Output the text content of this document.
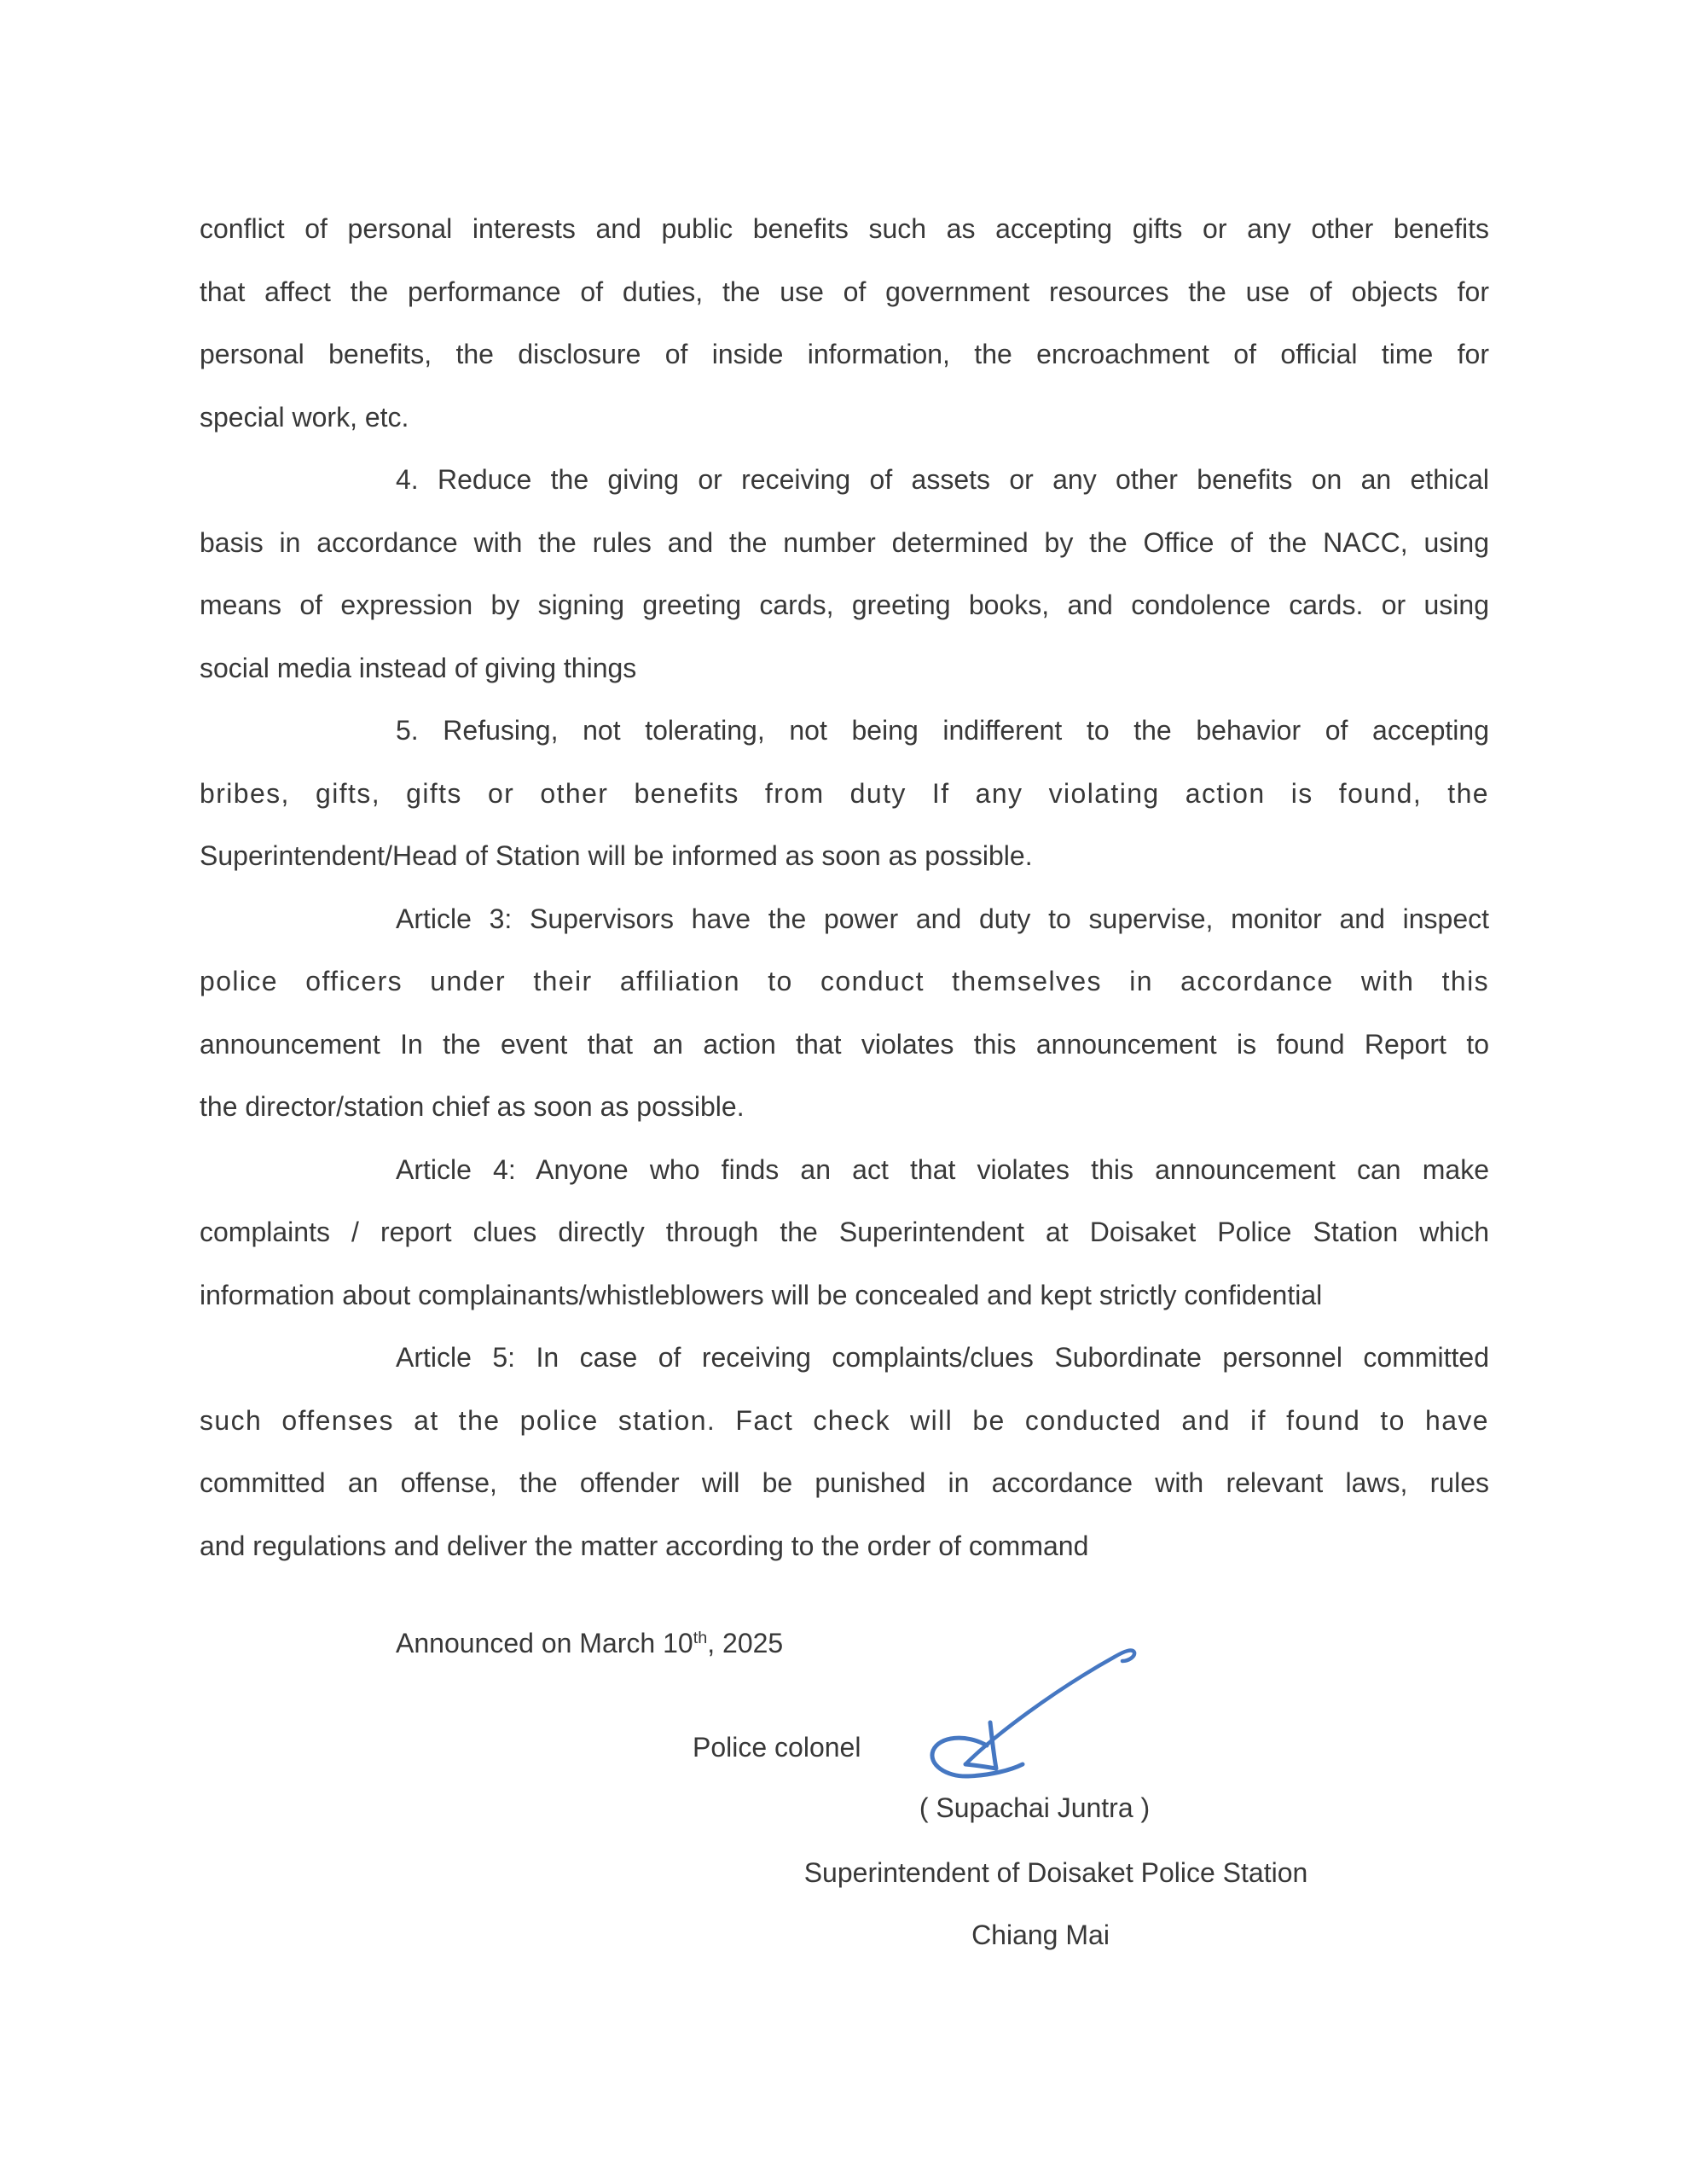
conflict of personal interests and public benefits such as accepting gifts or any other benefits
that affect the performance of duties, the use of government resources the use of objects for
personal benefits, the disclosure of inside information, the encroachment of official time for
special work, etc.
4. Reduce the giving or receiving of assets or any other benefits on an ethical
basis in accordance with the rules and the number determined by the Office of the NACC, using
means of expression by signing greeting cards, greeting books, and condolence cards. or using
social media instead of giving things
5. Refusing, not tolerating, not being indifferent to the behavior of accepting
bribes, gifts, gifts or other benefits from duty If any violating action is found, the
Superintendent/Head of Station will be informed as soon as possible.
Article 3: Supervisors have the power and duty to supervise, monitor and inspect
police officers under their affiliation to conduct themselves in accordance with this
announcement In the event that an action that violates this announcement is found Report to
the director/station chief as soon as possible.
Article 4: Anyone who finds an act that violates this announcement can make
complaints / report clues directly through the Superintendent at Doisaket Police Station which
information about complainants/whistleblowers will be concealed and kept strictly confidential
Article 5: In case of receiving complaints/clues Subordinate personnel committed
such offenses at the police station. Fact check will be conducted and if found to have
committed an offense, the offender will be punished in accordance with relevant laws, rules
and regulations and deliver the matter according to the order of command
Announced on March 10th, 2025
Police colonel
( Supachai Juntra )
Superintendent of Doisaket Police Station
Chiang Mai
